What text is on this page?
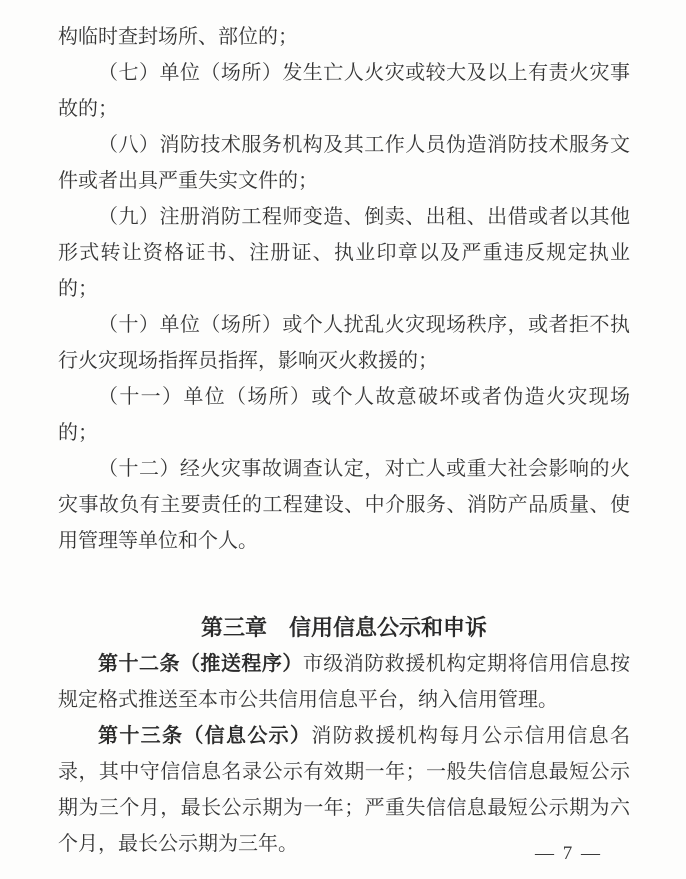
构临时查封场所、部位的；

（七）单位（场所）发生亡人火灾或较大及以上有责火灾事故的；

（八）消防技术服务机构及其工作人员伪造消防技术服务文件或者出具严重失实文件的；

（九）注册消防工程师变造、倒卖、出租、出借或者以其他形式转让资格证书、注册证、执业印章以及严重违反规定执业的；

（十）单位（场所）或个人扰乱火灾现场秩序，或者拒不执行火灾现场指挥员指挥，影响灭火救援的；

（十一）单位（场所）或个人故意破坏或者伪造火灾现场的；

（十二）经火灾事故调查认定，对亡人或重大社会影响的火灾事故负有主要责任的工程建设、中介服务、消防产品质量、使用管理等单位和个人。

第三章　信用信息公示和申诉

第十二条（推送程序）市级消防救援机构定期将信用信息按规定格式推送至本市公共信用信息平台，纳入信用管理。

第十三条（信息公示）消防救援机构每月公示信用信息名录，其中守信信息名录公示有效期一年；一般失信信息最短公示期为三个月，最长公示期为一年；严重失信信息最短公示期为六个月，最长公示期为三年。	— 7 —
